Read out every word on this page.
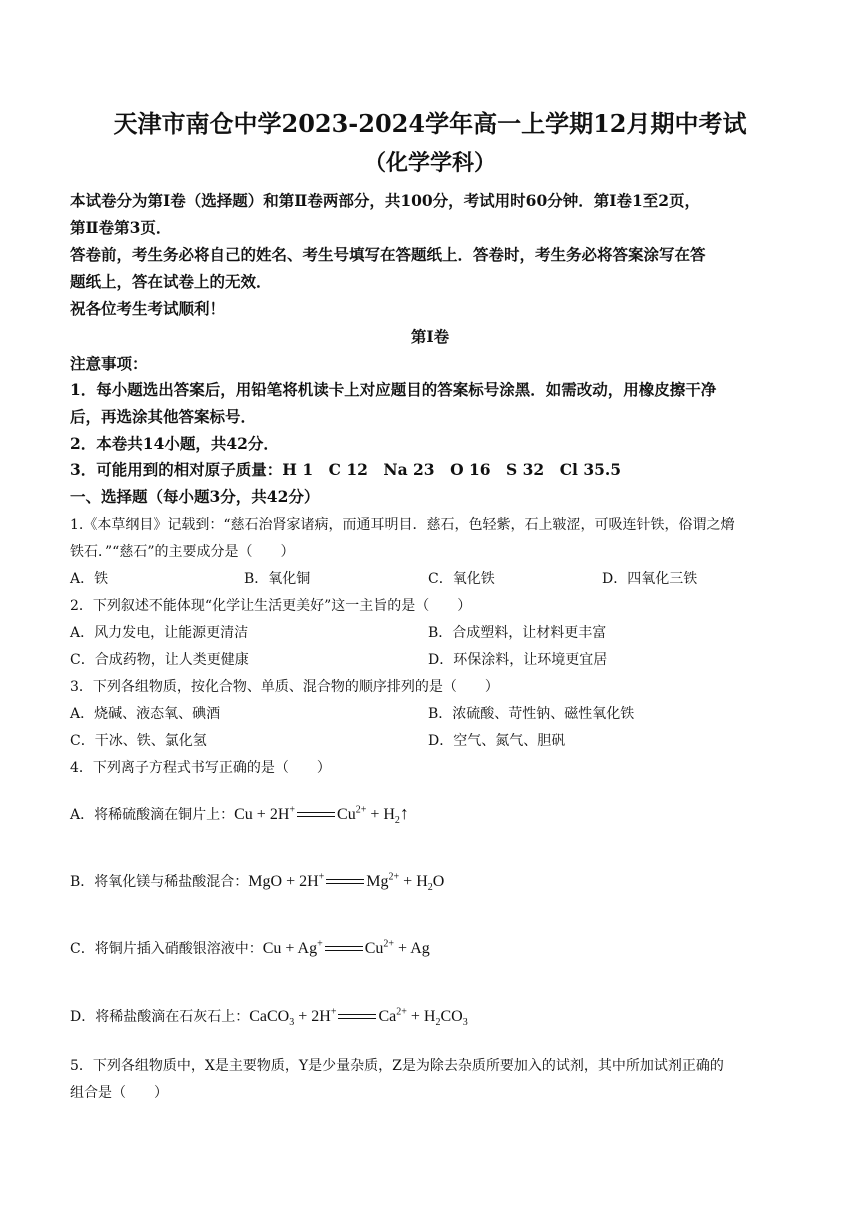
天津市南仓中学2023-2024学年高一上学期12月期中考试
（化学学科）
本试卷分为第Ⅰ卷（选择题）和第Ⅱ卷两部分，共100分，考试用时60分钟．第Ⅰ卷1至2页，
第Ⅱ卷第3页．
答卷前，考生务必将自己的姓名、考生号填写在答题纸上．答卷时，考生务必将答案涂写在答
题纸上，答在试卷上的无效．
祝各位考生考试顺利！
第Ⅰ卷
注意事项：
1．每小题选出答案后，用铅笔将机读卡上对应题目的答案标号涂黑．如需改动，用橡皮擦干净
后，再选涂其他答案标号．
2．本卷共14小题，共42分．
3．可能用到的相对原子质量：H 1　C 12　Na 23　O 16　S 32　Cl 35.5
一、选择题（每小题3分，共42分）
1.《本草纲目》记载到：“慈石治肾家诸病，而通耳明目．慈石，色轻紫，石上皲涩，可吸连针铁，俗谓之熁
铁石．”“慈石”的主要成分是（　　）
A．铁	B．氧化铜	C．氧化铁	D．四氧化三铁
2．下列叙述不能体现“化学让生活更美好”这一主旨的是（　　）
A．风力发电，让能源更清洁	B．合成塑料，让材料更丰富
C．合成药物，让人类更健康	D．环保涂料，让环境更宜居
3．下列各组物质，按化合物、单质、混合物的顺序排列的是（　　）
A．烧碱、液态氧、碘酒	B．浓硫酸、苛性钠、磁性氧化铁
C．干冰、铁、氯化氢	D．空气、氮气、胆矾
4．下列离子方程式书写正确的是（　　）
A．将稀硫酸滴在铜片上：Cu + 2H+	$Cu^{2+}$ + $H_2↑$
B．将氧化镁与稀盐酸混合：MgO + 2H+	$Mg^{2+} + H_2O$
C．将铜片插入硝酸银溶液中：Cu + Ag+	$Cu^{2+} + Ag$
D．将稀盐酸滴在石灰石上：CaCO$_3$ + 2H+	$Ca^{2+} + H_2CO_3$
5．下列各组物质中，X是主要物质，Y是少量杂质，Z是为除去杂质所要加入的试剂，其中所加试剂正确的
组合是（　　）
